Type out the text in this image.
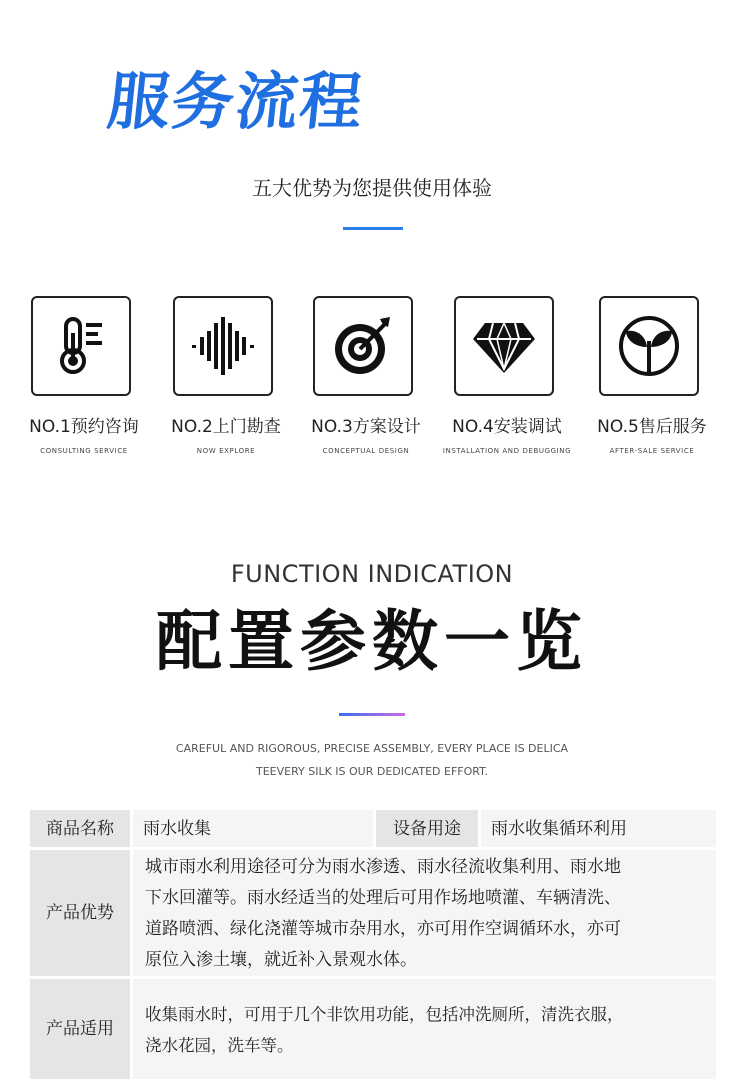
服务流程
五大优势为您提供使用体验
NO.1预约咨询
CONSULTING SERVICE
NO.2上门勘查
NOW EXPLORE
NO.3方案设计
CONCEPTUAL DESIGN
NO.4安装调试
INSTALLATION AND DEBUGGING
NO.5售后服务
AFTER-SALE SERVICE
FUNCTION INDICATION
配置参数一览
CAREFUL AND RIGOROUS, PRECISE ASSEMBLY, EVERY PLACE IS DELICA
TEEVERY SILK IS OUR DEDICATED EFFORT.
商品名称	雨水收集	设备用途	雨水收集循环利用
产品优势
城市雨水利用途径可分为雨水渗透、雨水径流收集利用、雨水地
下水回灌等。雨水经适当的处理后可用作场地喷灌、车辆清洗、
道路喷洒、绿化浇灌等城市杂用水，亦可用作空调循环水，亦可
原位入渗土壤，就近补入景观水体。
产品适用
收集雨水时，可用于几个非饮用功能，包括冲洗厕所，清洗衣服，
浇水花园，洗车等。
